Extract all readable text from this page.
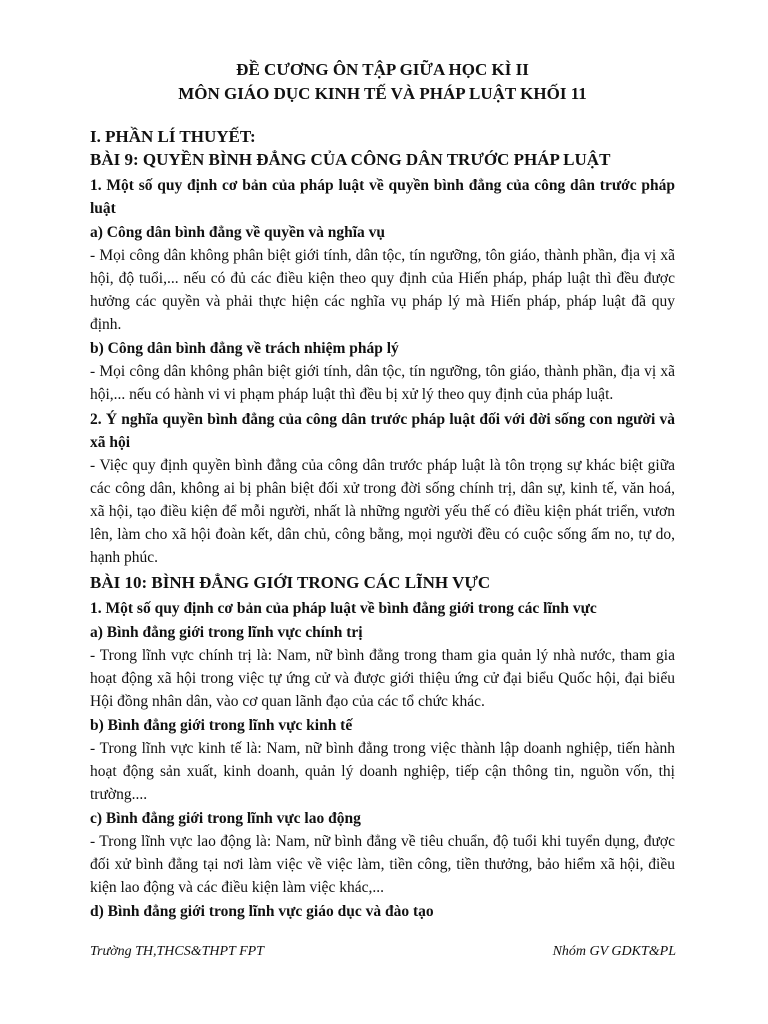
ĐỀ CƯƠNG ÔN TẬP GIỮA HỌC KÌ II

MÔN GIÁO DỤC KINH TẾ VÀ PHÁP LUẬT KHỐI 11

I. PHẦN LÍ THUYẾT:

BÀI 9: QUYỀN BÌNH ĐẲNG CỦA CÔNG DÂN TRƯỚC PHÁP LUẬT

1. Một số quy định cơ bản của pháp luật về quyền bình đẳng của công dân trước pháp luật

a) Công dân bình đẳng về quyền và nghĩa vụ

- Mọi công dân không phân biệt giới tính, dân tộc, tín ngưỡng, tôn giáo, thành phần, địa vị xã hội, độ tuổi,... nếu có đủ các điều kiện theo quy định của Hiến pháp, pháp luật thì đều được hưởng các quyền và phải thực hiện các nghĩa vụ pháp lý mà Hiến pháp, pháp luật đã quy định.

b) Công dân bình đẳng về trách nhiệm pháp lý

- Mọi công dân không phân biệt giới tính, dân tộc, tín ngưỡng, tôn giáo, thành phần, địa vị xã hội,... nếu có hành vi vi phạm pháp luật thì đều bị xử lý theo quy định của pháp luật.

2. Ý nghĩa quyền bình đẳng của công dân trước pháp luật đối với đời sống con người và xã hội

- Việc quy định quyền bình đẳng của công dân trước pháp luật là tôn trọng sự khác biệt giữa các công dân, không ai bị phân biệt đối xử trong đời sống chính trị, dân sự, kinh tế, văn hoá, xã hội, tạo điều kiện để mỗi người, nhất là những người yếu thế có điều kiện phát triển, vươn lên, làm cho xã hội đoàn kết, dân chủ, công bằng, mọi người đều có cuộc sống ấm no, tự do, hạnh phúc.

BÀI 10: BÌNH ĐẲNG GIỚI TRONG CÁC LĨNH VỰC

1. Một số quy định cơ bản của pháp luật về bình đẳng giới trong các lĩnh vực

a) Bình đẳng giới trong lĩnh vực chính trị

- Trong lĩnh vực chính trị là: Nam, nữ bình đẳng trong tham gia quản lý nhà nước, tham gia hoạt động xã hội trong việc tự ứng cử và được giới thiệu ứng cử đại biểu Quốc hội, đại biểu Hội đồng nhân dân, vào cơ quan lãnh đạo của các tổ chức khác.

b) Bình đẳng giới trong lĩnh vực kinh tế

- Trong lĩnh vực kinh tế là: Nam, nữ bình đẳng trong việc thành lập doanh nghiệp, tiến hành hoạt động sản xuất, kinh doanh, quản lý doanh nghiệp, tiếp cận thông tin, nguồn vốn, thị trường....

c) Bình đẳng giới trong lĩnh vực lao động

- Trong lĩnh vực lao động là: Nam, nữ bình đẳng về tiêu chuẩn, độ tuổi khi tuyển dụng, được đối xử bình đẳng tại nơi làm việc về việc làm, tiền công, tiền thưởng, bảo hiểm xã hội, điều kiện lao động và các điều kiện làm việc khác,...

d) Bình đẳng giới trong lĩnh vực giáo dục và đào tạo

Trường TH,THCS&THPT FPT	Nhóm GV GDKT&PL
